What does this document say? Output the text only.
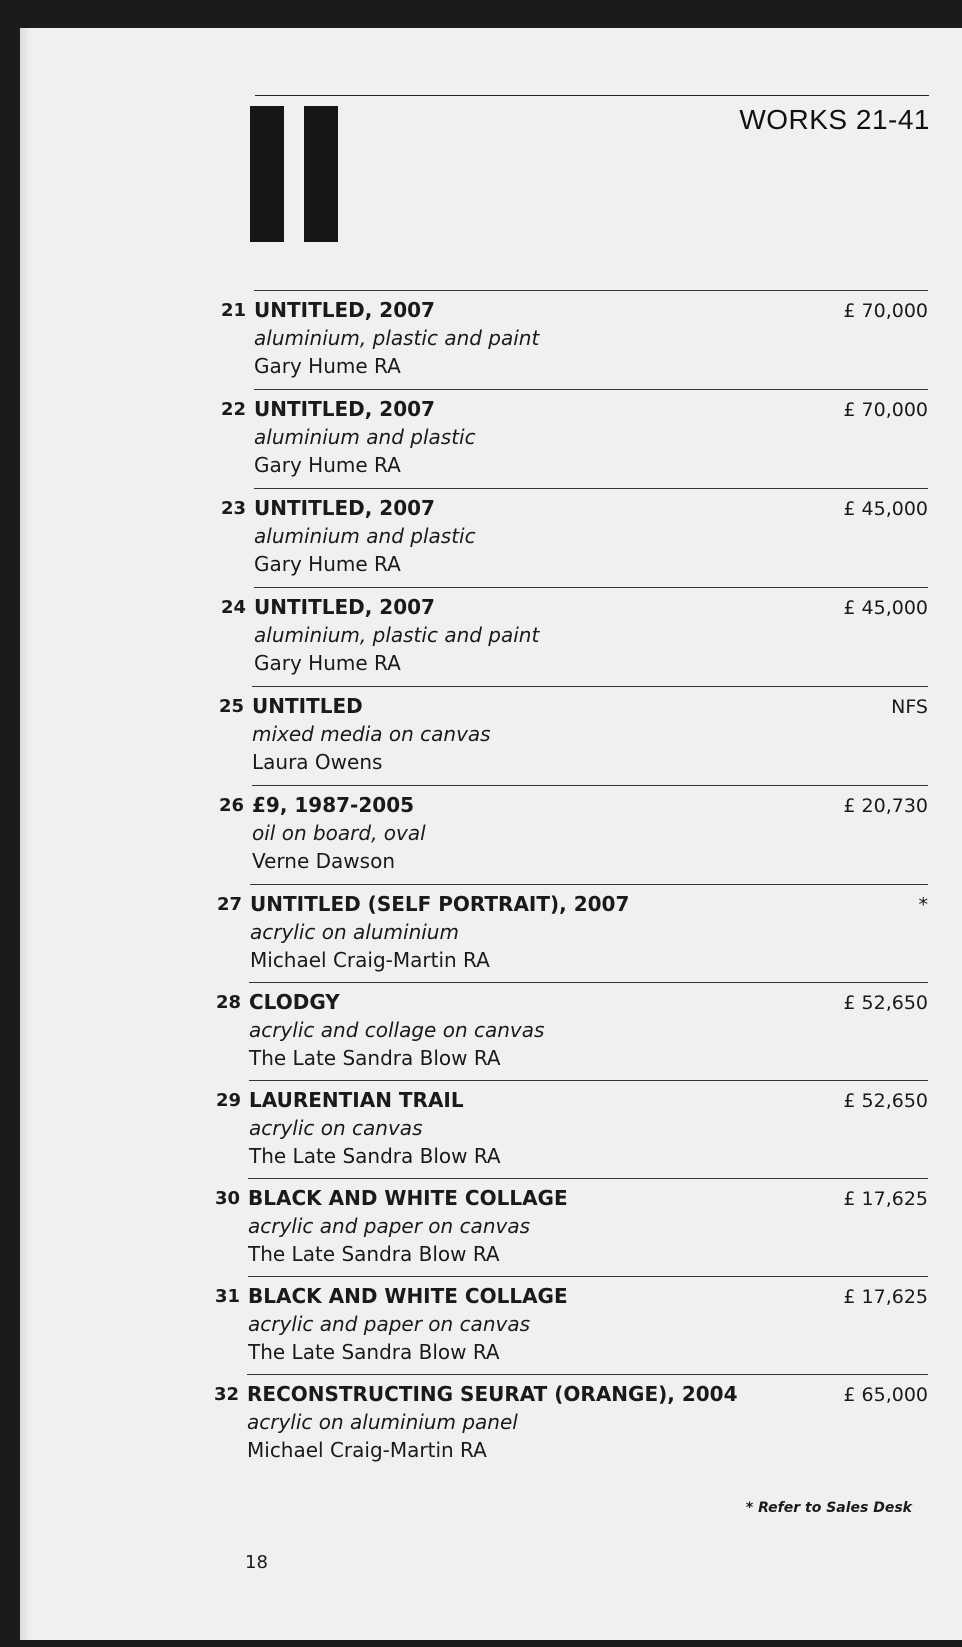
WORKS 21-41
21 UNTITLED, 2007
aluminium, plastic and paint
Gary Hume RA
£ 70,000
22 UNTITLED, 2007
aluminium and plastic
Gary Hume RA
£ 70,000
23 UNTITLED, 2007
aluminium and plastic
Gary Hume RA
£ 45,000
24 UNTITLED, 2007
aluminium, plastic and paint
Gary Hume RA
£ 45,000
25 UNTITLED
mixed media on canvas
Laura Owens
NFS
26 £9, 1987-2005
oil on board, oval
Verne Dawson
£ 20,730
27 UNTITLED (SELF PORTRAIT), 2007
acrylic on aluminium
Michael Craig-Martin RA
*
28 CLODGY
acrylic and collage on canvas
The Late Sandra Blow RA
£ 52,650
29 LAURENTIAN TRAIL
acrylic on canvas
The Late Sandra Blow RA
£ 52,650
30 BLACK AND WHITE COLLAGE
acrylic and paper on canvas
The Late Sandra Blow RA
£ 17,625
31 BLACK AND WHITE COLLAGE
acrylic and paper on canvas
The Late Sandra Blow RA
£ 17,625
32 RECONSTRUCTING SEURAT (ORANGE), 2004
acrylic on aluminium panel
Michael Craig-Martin RA
£ 65,000
* Refer to Sales Desk
18
